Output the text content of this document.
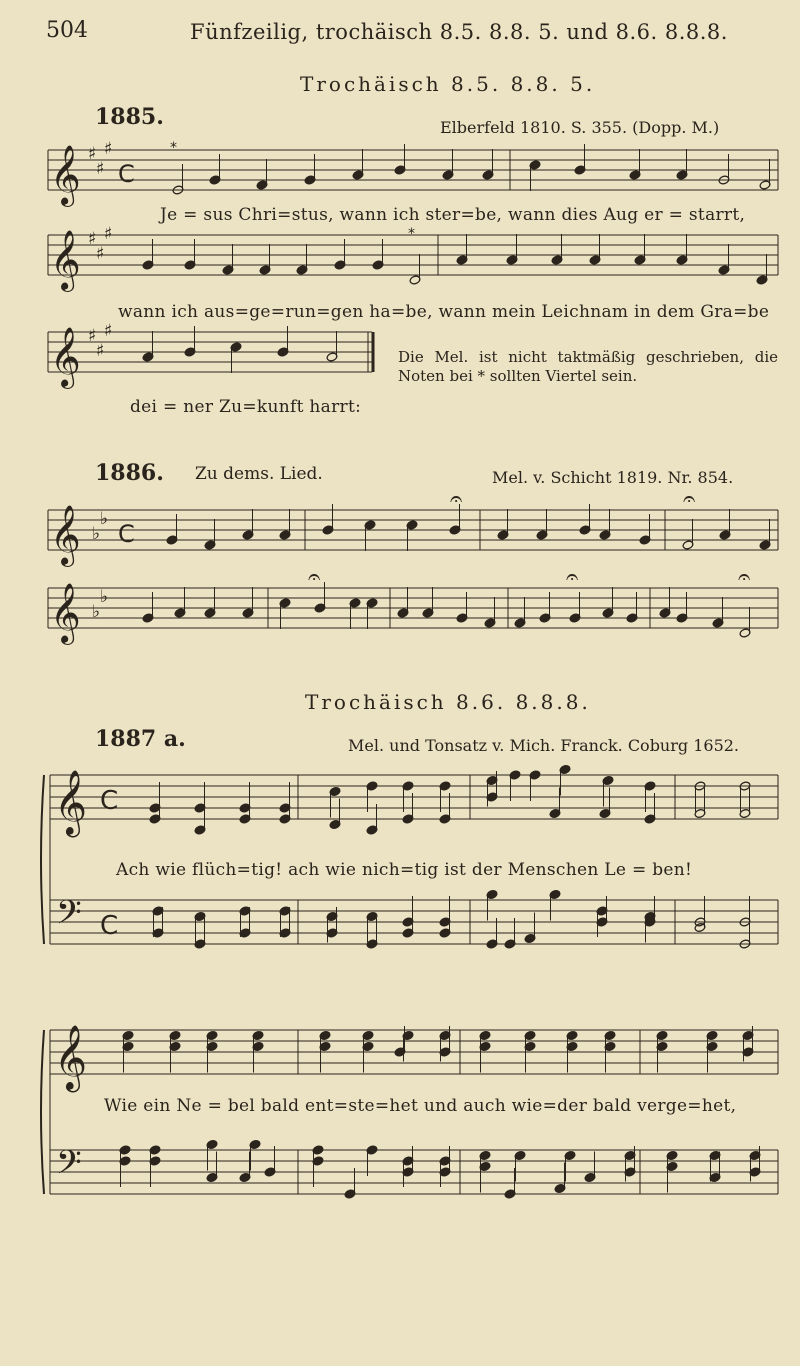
504	Fünfzeilig, trochäisch 8.5. 8.8. 5. und 8.6. 8.8.8.
Trochäisch 8.5. 8.8. 5.
1885.	Elberfeld 1810. S. 355. (Dopp. M.)
Je = sus Chri=stus, wann ich ster=be, wann dies Aug er = starrt,
wann ich aus=ge=run=gen ha=be, wann mein Leichnam in dem Gra=be
dei = ner Zu=kunft harrt:
Die Mel. ist nicht taktmäßig geschrieben, die Noten bei * sollten Viertel sein.
1886. Zu dems. Lied.	Mel. v. Schicht 1819. Nr. 854.
Trochäisch 8.6. 8.8.8.
1887 a.	Mel. und Tonsatz v. Mich. Franck. Coburg 1652.
Ach wie flüch=tig! ach wie nich=tig ist der Menschen Le = ben!
Wie ein Ne = bel bald ent=ste=het und auch wie=der bald verge=het,
𝄞 ♯
♯
♯
C
𝄞 ♯
♯
♯
𝄞 ♯
♯
♯
*
*
𝄞 ♭
♭
C
𝄞 ♭
♭
𝄐	𝄐
𝄐	𝄐	𝄐
𝄞
𝄢
C
C
𝄞
𝄢
